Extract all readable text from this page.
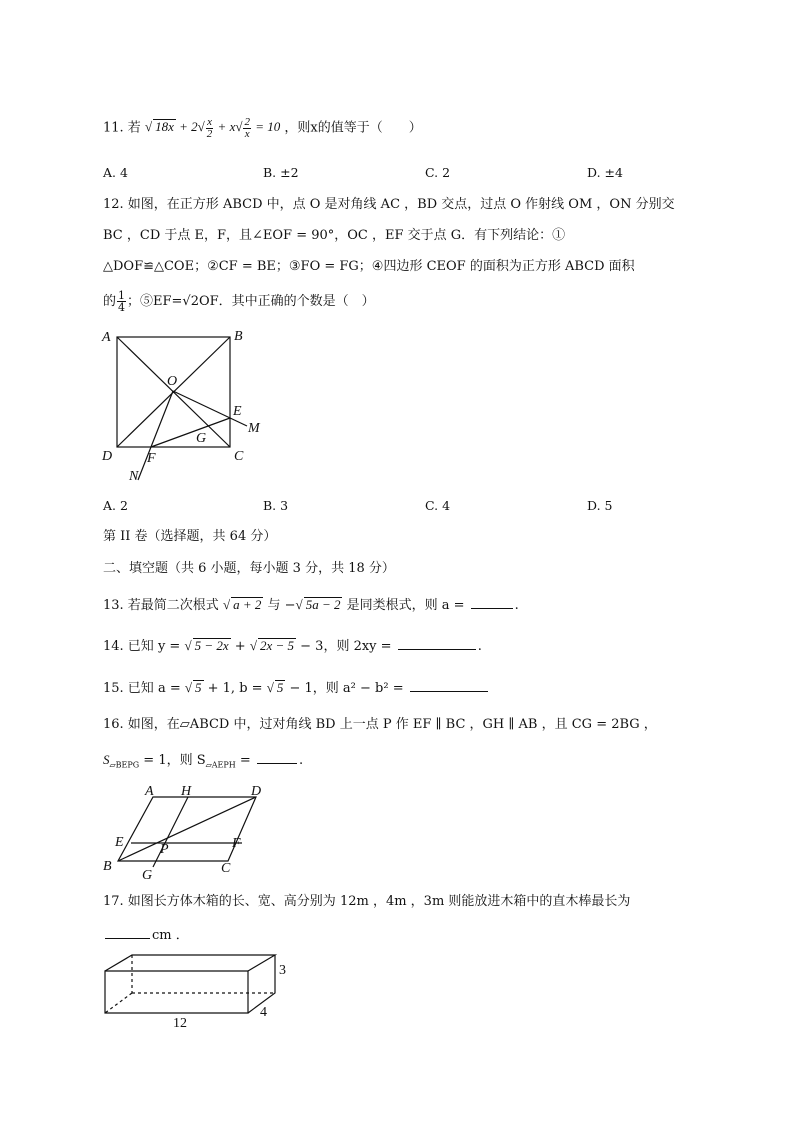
11. 若 √ $18x + 2√ \frac{x}{2} + x√ \frac{2}{x} = 10$ ，则x的值等于（　　）
A. 4	B. ±2	C. 2	D. ±4
12. 如图，在正方形 ABCD 中，点 O 是对角线 AC ，BD 交点，过点 O 作射线 OM ，ON 分别交
BC ，CD 于点 E，F，且∠EOF = 90°，OC ，EF 交于点 G．有下列结论：①
△DOF≌△COE；②CF = BE；③FO = FG；④四边形 CEOF 的面积为正方形 ABCD 面积
的 $\frac{1}{4}$ ；⑤EF=√2OF．其中正确的个数是（　）
A	B
C
D
O
E
F
G
M
N
A. 2	B. 3	C. 4	D. 5
第 II 卷（选择题，共 64 分）
二、填空题（共 6 小题，每小题 3 分，共 18 分）
13. 若最简二次根式 √ a + 2 与 −√ 5a − 2 是同类根式，则 a =	.
14. 已知 y = √ 5 − 2x + √ 2x − 5 − 3，则 2xy =	.
15. 已知 a = √ 5 + 1, b = √ 5 − 1，则 a² − b² =
16. 如图，在▱ABCD 中，过对角线 BD 上一点 P 作 EF ∥ BC ，GH ∥ AB ，且 CG = 2BG ，
$S_{▱BEPG} = 1$，则 $S_{▱AEPH}$ =	.
A H	D
E	P	F
B
G	C
17. 如图长方体木箱的长、宽、高分别为 12m ，4m ，3m 则能放进木箱中的直木棒最长为
cm ．
3
4
12
